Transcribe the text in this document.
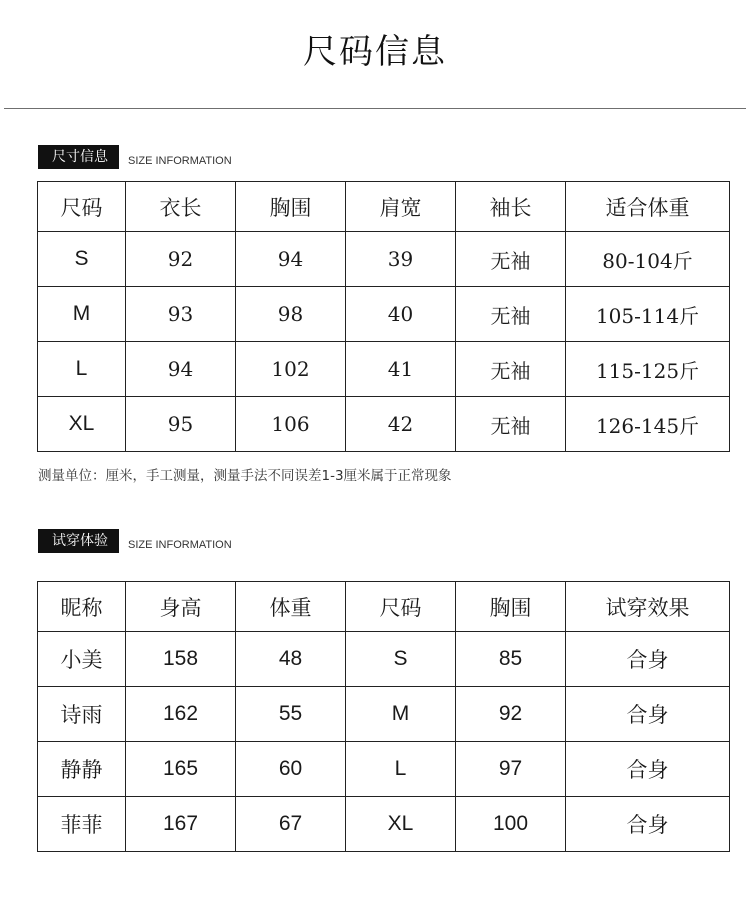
尺码信息
尺寸信息	SIZE INFORMATION
尺码	衣长	胸围	肩宽	袖长	适合体重
S	92	94	39	无袖	80-104斤
M	93	98	40	无袖	105-114斤
L	94	102	41	无袖	115-125斤
XL	95	106	42	无袖	126-145斤
测量单位：厘米，手工测量，测量手法不同误差1-3厘米属于正常现象
试穿体验	SIZE INFORMATION
昵称	身高	体重	尺码	胸围	试穿效果
小美	158	48	S	85	合身
诗雨	162	55	M	92	合身
静静	165	60	L	97	合身
菲菲	167	67	XL	100	合身
